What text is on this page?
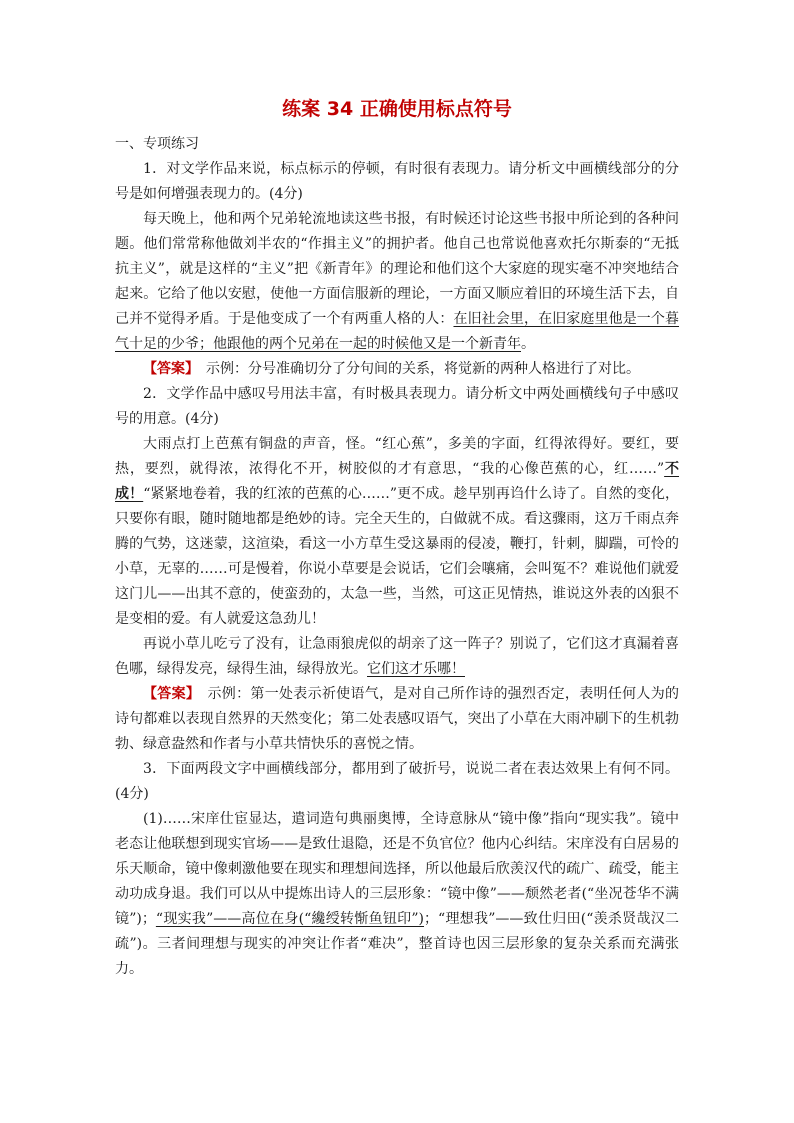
练案 34 正确使用标点符号

一、专项练习

1．对文学作品来说，标点标示的停顿，有时很有表现力。请分析文中画横线部分的分号是如何增强表现力的。(4分)

每天晚上，他和两个兄弟轮流地读这些书报，有时候还讨论这些书报中所论到的各种问题。他们常常称他做刘半农的“作揖主义”的拥护者。他自己也常说他喜欢托尔斯泰的“无抵抗主义”，就是这样的“主义”把《新青年》的理论和他们这个大家庭的现实毫不冲突地结合起来。它给了他以安慰，使他一方面信服新的理论，一方面又顺应着旧的环境生活下去，自己并不觉得矛盾。于是他变成了一个有两重人格的人：在旧社会里，在旧家庭里他是一个暮气十足的少爷；他跟他的两个兄弟在一起的时候他又是一个新青年。

【答案】　示例：分号准确切分了分句间的关系，将觉新的两种人格进行了对比。

2．文学作品中感叹号用法丰富，有时极具表现力。请分析文中两处画横线句子中感叹号的用意。(4分)

大雨点打上芭蕉有铜盘的声音，怪。“红心蕉”，多美的字面，红得浓得好。要红，要热，要烈，就得浓，浓得化不开，树胶似的才有意思，“我的心像芭蕉的心，红……”不成！“紧紧地卷着，我的红浓的芭蕉的心……”更不成。趁早别再诌什么诗了。自然的变化，只要你有眼，随时随地都是绝妙的诗。完全天生的，白做就不成。看这骤雨，这万千雨点奔腾的气势，这迷蒙，这渲染，看这一小方草生受这暴雨的侵凌，鞭打，针刺，脚踹，可怜的小草，无辜的……可是慢着，你说小草要是会说话，它们会嚷痛，会叫冤不？难说他们就爱这门儿——出其不意的，使蛮劲的，太急一些，当然，可这正见情热，谁说这外表的凶狠不是变相的爱。有人就爱这急劲儿！

再说小草儿吃亏了没有，让急雨狼虎似的胡亲了这一阵子？别说了，它们这才真漏着喜色哪，绿得发亮，绿得生油，绿得放光。它们这才乐哪！

【答案】　示例：第一处表示祈使语气，是对自己所作诗的强烈否定，表明任何人为的诗句都难以表现自然界的天然变化；第二处表感叹语气，突出了小草在大雨冲刷下的生机勃勃、绿意盎然和作者与小草共情快乐的喜悦之情。

3．下面两段文字中画横线部分，都用到了破折号，说说二者在表达效果上有何不同。(4分)

(1)……宋庠仕宦显达，遣词造句典丽奥博，全诗意脉从“镜中像”指向“现实我”。镜中老态让他联想到现实官场——是致仕退隐，还是不负官位？他内心纠结。宋庠没有白居易的乐天顺命，镜中像刺激他要在现实和理想间选择，所以他最后欣羡汉代的疏广、疏受，能主动功成身退。我们可以从中提炼出诗人的三层形象：“镜中像”——颓然老者(“坐况苍华不满镜”)；“现实我”——高位在身(“纔绶转惭鱼钮印”)；“理想我”——致仕归田(“羡杀贤哉汉二疏”)。三者间理想与现实的冲突让作者“难决”，整首诗也因三层形象的复杂关系而充满张力。
